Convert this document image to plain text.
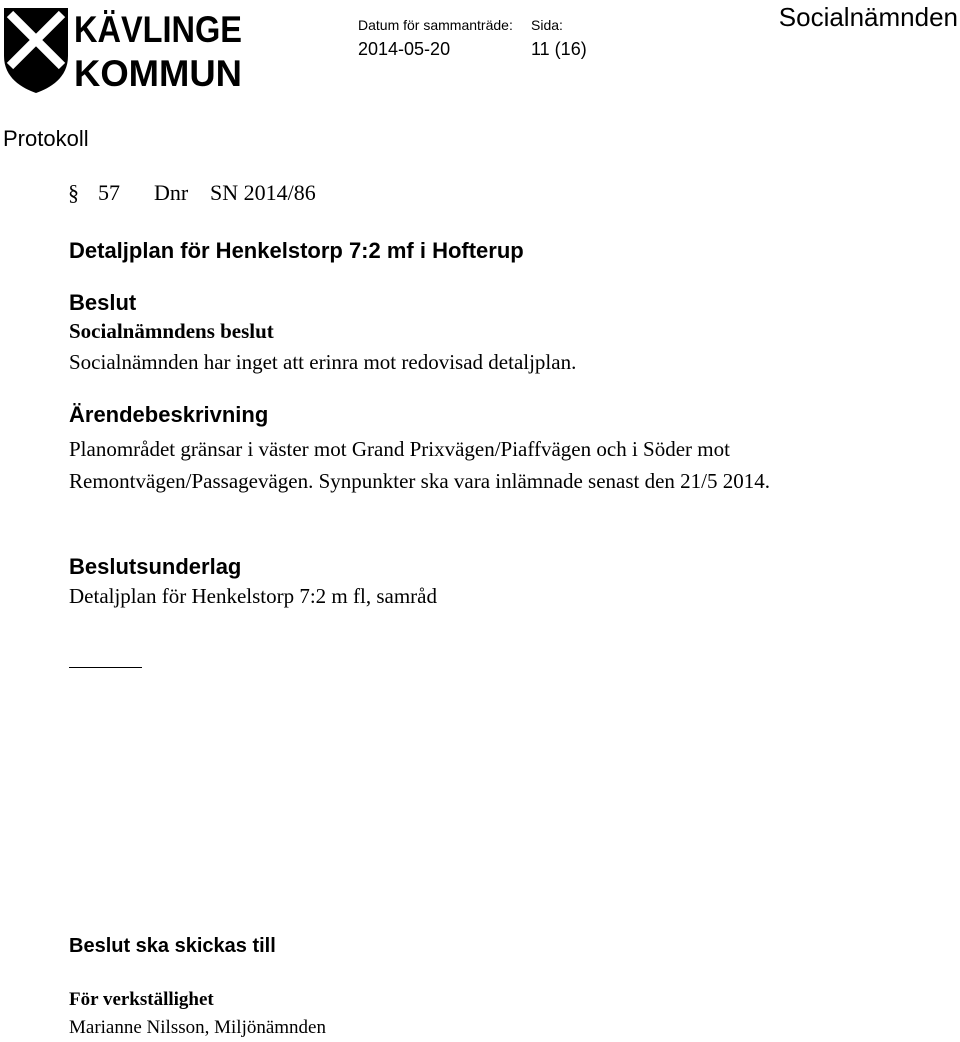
KÄVLINGE
KOMMUN
Datum för sammanträde:
2014-05-20
Sida:
11 (16)
Socialnämnden
Protokoll
§ 57 Dnr SN 2014/86
Detaljplan för Henkelstorp 7:2 mf i Hofterup
Beslut
Socialnämndens beslut
Socialnämnden har inget att erinra mot redovisad detaljplan.
Ärendebeskrivning
Planområdet gränsar i väster mot Grand Prixvägen/Piaffvägen och i Söder mot Remontvägen/Passagevägen. Synpunkter ska vara inlämnade senast den 21/5 2014.
Beslutsunderlag
Detaljplan för Henkelstorp 7:2 m fl, samråd
Beslut ska skickas till
För verkställighet
Marianne Nilsson, Miljönämnden
